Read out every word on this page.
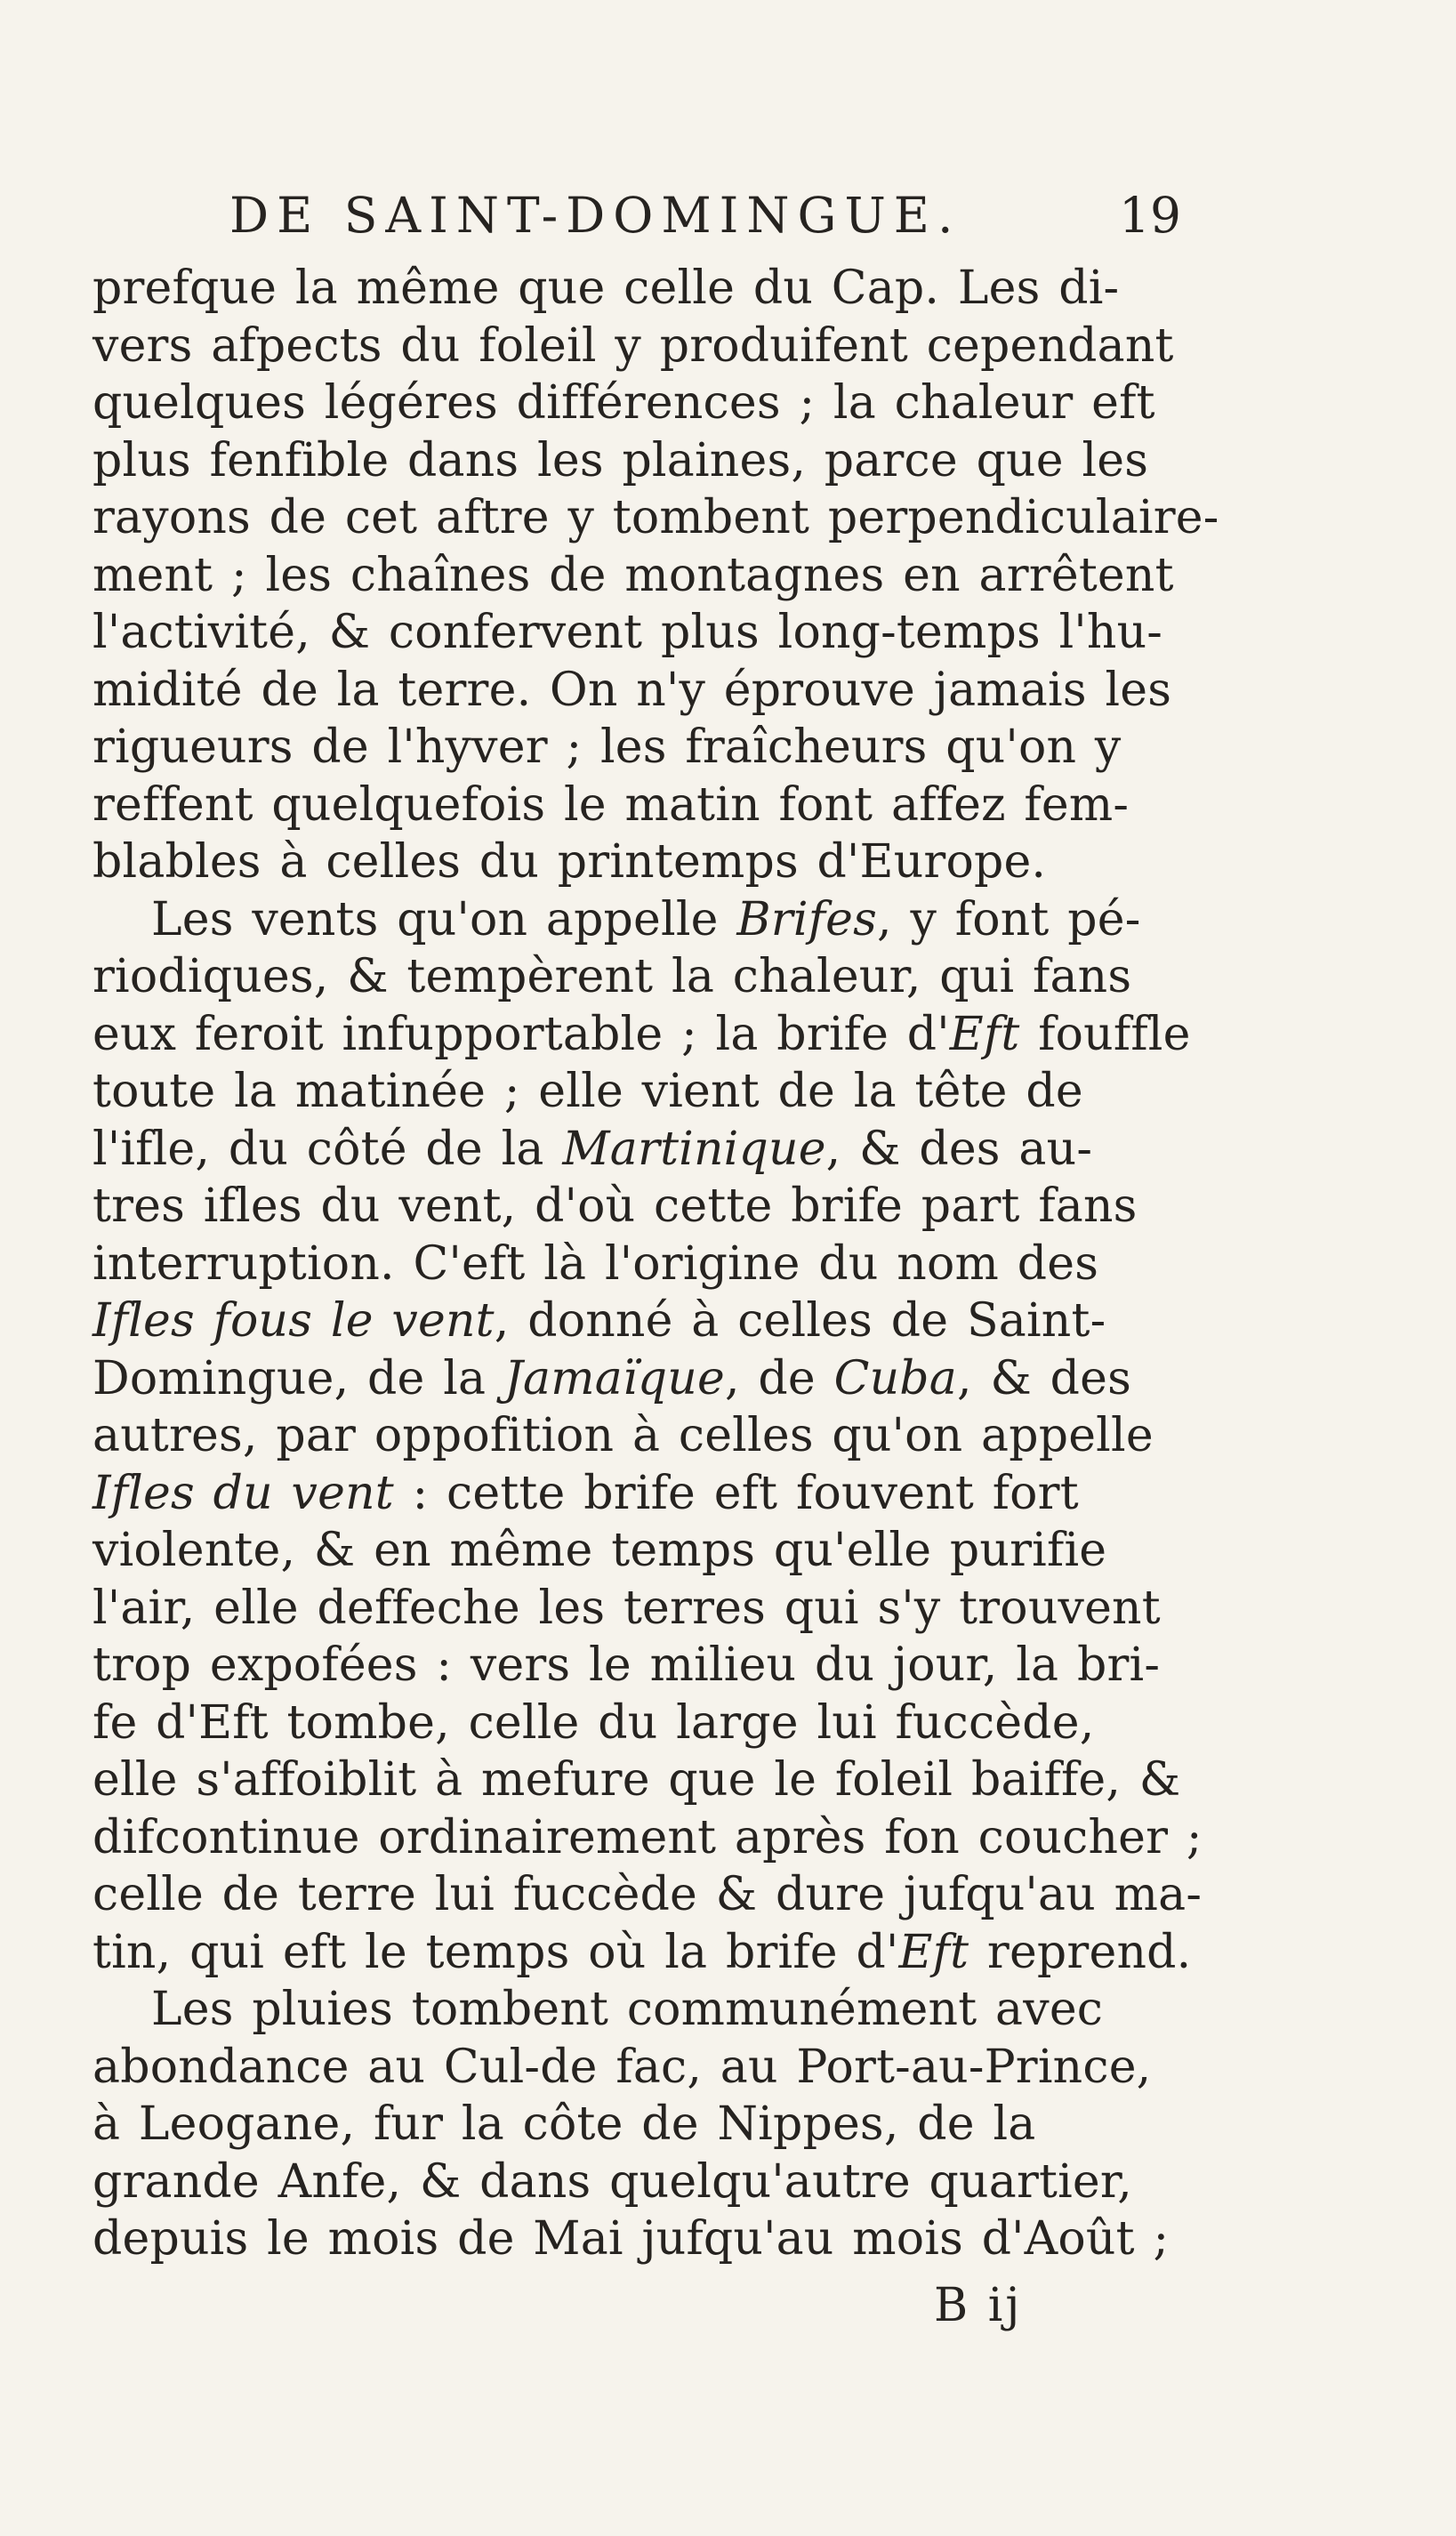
DE SAINT-DOMINGUE.	19
prefque la même que celle du Cap. Les di-
vers afpects du foleil y produifent cependant
quelques légéres différences ; la chaleur eft
plus fenfible dans les plaines, parce que les
rayons de cet aftre y tombent perpendiculaire-
ment ; les chaînes de montagnes en arrêtent
l'activité, & confervent plus long-temps l'hu-
midité de la terre. On n'y éprouve jamais les
rigueurs de l'hyver ; les fraîcheurs qu'on y
reffent quelquefois le matin font affez fem-
blables à celles du printemps d'Europe.
Les vents qu'on appelle Brifes, y font pé-
riodiques, & tempèrent la chaleur, qui fans
eux feroit infupportable ; la brife d'Eft fouffle
toute la matinée ; elle vient de la tête de
l'ifle, du côté de la Martinique, & des au-
tres ifles du vent, d'où cette brife part fans
interruption. C'eft là l'origine du nom des
Ifles fous le vent, donné à celles de Saint-
Domingue, de la Jamaïque, de Cuba, & des
autres, par oppofition à celles qu'on appelle
Ifles du vent : cette brife eft fouvent fort
violente, & en même temps qu'elle purifie
l'air, elle deffeche les terres qui s'y trouvent
trop expofées : vers le milieu du jour, la bri-
fe d'Eft tombe, celle du large lui fuccède,
elle s'affoiblit à mefure que le foleil baiffe, &
difcontinue ordinairement après fon coucher ;
celle de terre lui fuccède & dure jufqu'au ma-
tin, qui eft le temps où la brife d'Eft reprend.
Les pluies tombent communément avec
abondance au Cul-de fac, au Port-au-Prince,
à Leogane, fur la côte de Nippes, de la
grande Anfe, & dans quelqu'autre quartier,
depuis le mois de Mai jufqu'au mois d'Août ;
B ij
